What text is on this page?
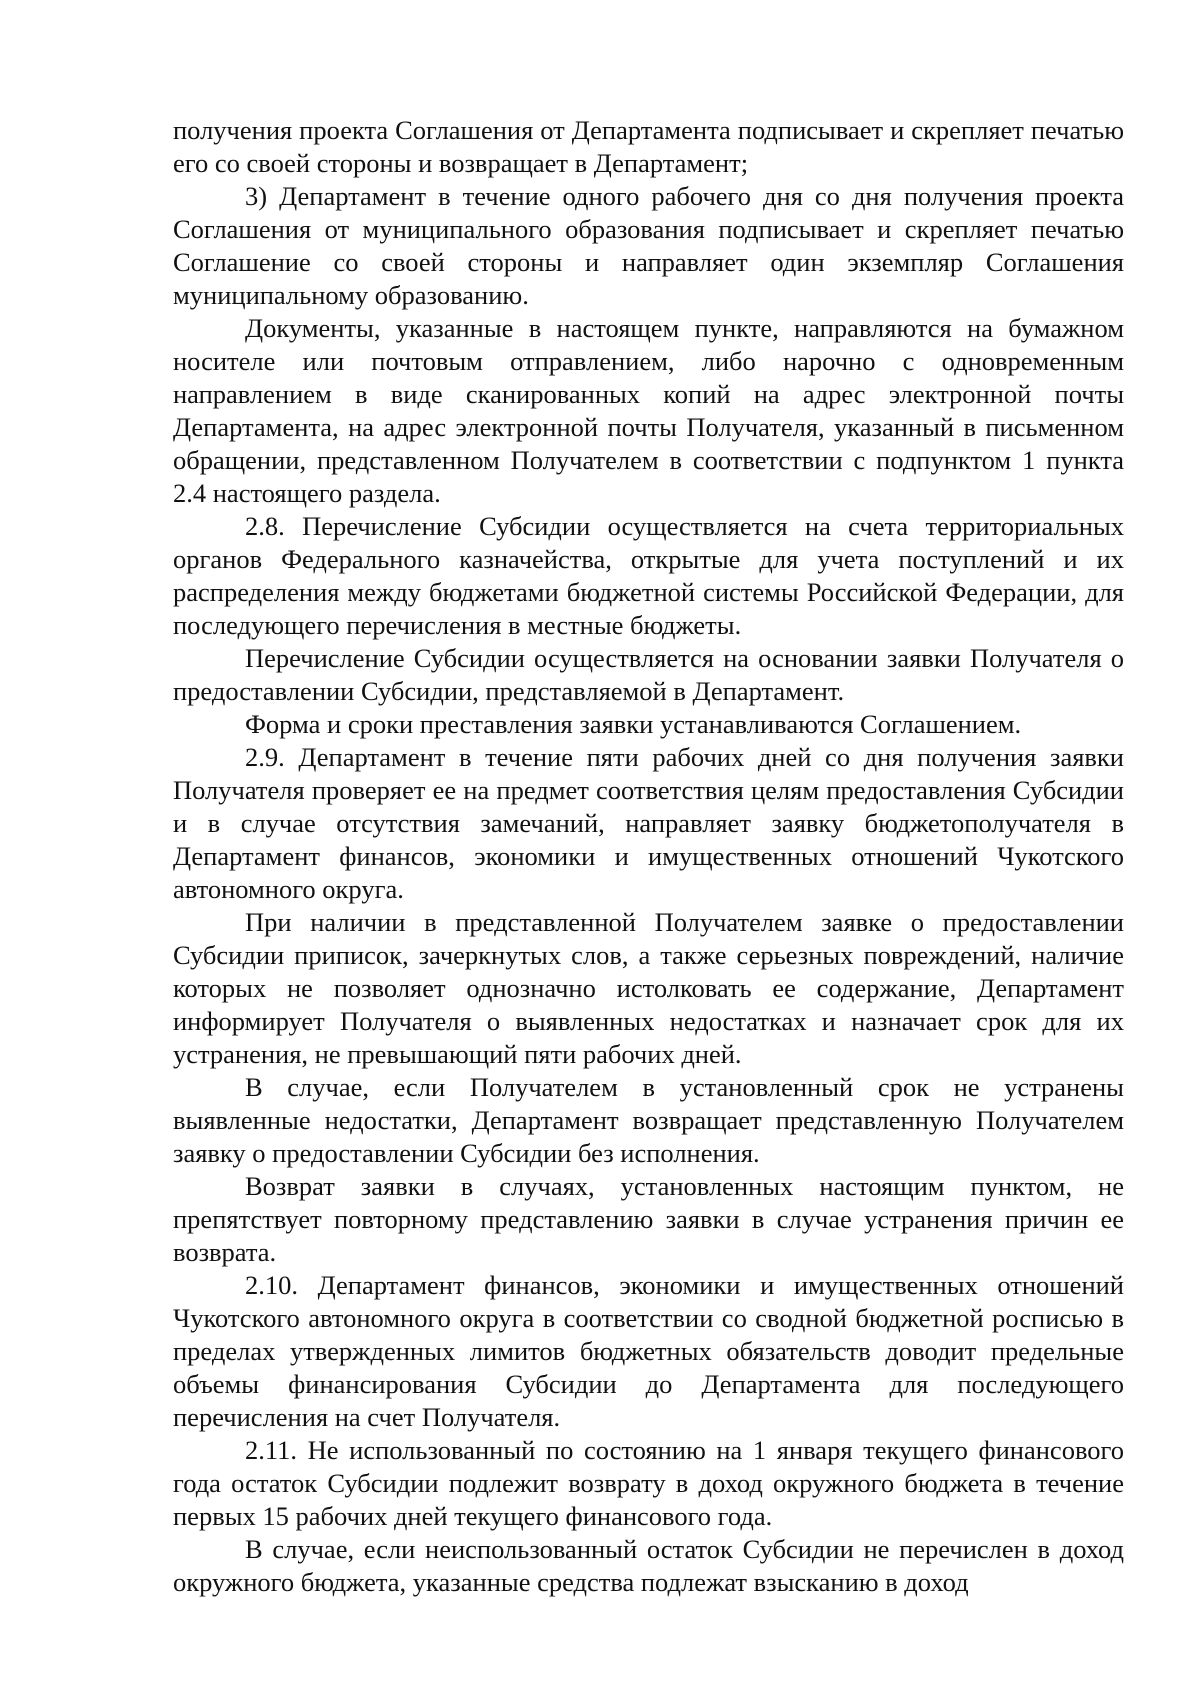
получения проекта Соглашения от Департамента подписывает и скрепляет печатью его со своей стороны и возвращает в Департамент;

3) Департамент в течение одного рабочего дня со дня получения проекта Соглашения от муниципального образования подписывает и скрепляет печатью Соглашение со своей стороны и направляет один экземпляр Соглашения муниципальному образованию.

Документы, указанные в настоящем пункте, направляются на бумажном носителе или почтовым отправлением, либо нарочно с одновременным направлением в виде сканированных копий на адрес электронной почты Департамента, на адрес электронной почты Получателя, указанный в письменном обращении, представленном Получателем в соответствии с подпунктом 1 пункта 2.4 настоящего раздела.

2.8. Перечисление Субсидии осуществляется на счета территориальных органов Федерального казначейства, открытые для учета поступлений и их распределения между бюджетами бюджетной системы Российской Федерации, для последующего перечисления в местные бюджеты.

Перечисление Субсидии осуществляется на основании заявки Получателя о предоставлении Субсидии, представляемой в Департамент.

Форма и сроки преставления заявки устанавливаются Соглашением.

2.9. Департамент в течение пяти рабочих дней со дня получения заявки Получателя проверяет ее на предмет соответствия целям предоставления Субсидии и в случае отсутствия замечаний, направляет заявку бюджетополучателя в Департамент финансов, экономики и имущественных отношений Чукотского автономного округа.

При наличии в представленной Получателем заявке о предоставлении Субсидии приписок, зачеркнутых слов, а также серьезных повреждений, наличие которых не позволяет однозначно истолковать ее содержание, Департамент информирует Получателя о выявленных недостатках и назначает срок для их устранения, не превышающий пяти рабочих дней.

В случае, если Получателем в установленный срок не устранены выявленные недостатки, Департамент возвращает представленную Получателем заявку о предоставлении Субсидии без исполнения.

Возврат заявки в случаях, установленных настоящим пунктом, не препятствует повторному представлению заявки в случае устранения причин ее возврата.

2.10. Департамент финансов, экономики и имущественных отношений Чукотского автономного округа в соответствии со сводной бюджетной росписью в пределах утвержденных лимитов бюджетных обязательств доводит предельные объемы финансирования Субсидии до Департамента для последующего перечисления на счет Получателя.

2.11. Не использованный по состоянию на 1 января текущего финансового года остаток Субсидии подлежит возврату в доход окружного бюджета в течение первых 15 рабочих дней текущего финансового года.

В случае, если неиспользованный остаток Субсидии не перечислен в доход окружного бюджета, указанные средства подлежат взысканию в доход
